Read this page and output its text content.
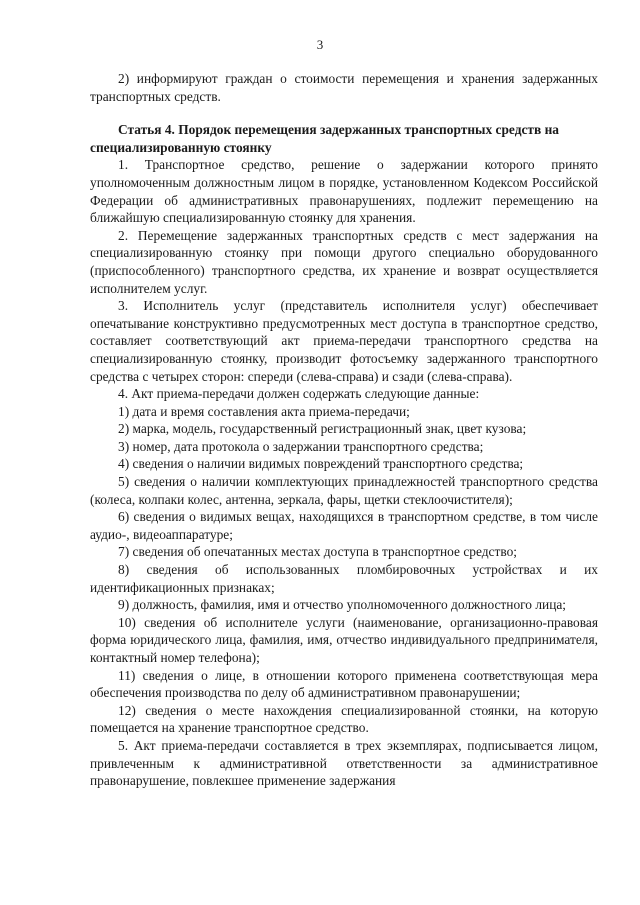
3

2) информируют граждан о стоимости перемещения и хранения задержанных транспортных средств.

Статья 4. Порядок перемещения задержанных транспортных средств на специализированную стоянку

1. Транспортное средство, решение о задержании которого принято уполномоченным должностным лицом в порядке, установленном Кодексом Российской Федерации об административных правонарушениях, подлежит перемещению на ближайшую специализированную стоянку для хранения.

2. Перемещение задержанных транспортных средств с мест задержания на специализированную стоянку при помощи другого специально оборудованного (приспособленного) транспортного средства, их хранение и возврат осуществляется исполнителем услуг.

3. Исполнитель услуг (представитель исполнителя услуг) обеспечивает опечатывание конструктивно предусмотренных мест доступа в транспортное средство, составляет соответствующий акт приема-передачи транспортного средства на специализированную стоянку, производит фотосъемку задержанного транспортного средства с четырех сторон: спереди (слева-справа) и сзади (слева-справа).

4. Акт приема-передачи должен содержать следующие данные:

1) дата и время составления акта приема-передачи;

2) марка, модель, государственный регистрационный знак, цвет кузова;

3) номер, дата протокола о задержании транспортного средства;

4) сведения о наличии видимых повреждений транспортного средства;

5) сведения о наличии комплектующих принадлежностей транспортного средства (колеса, колпаки колес, антенна, зеркала, фары, щетки стеклоочистителя);

6) сведения о видимых вещах, находящихся в транспортном средстве, в том числе аудио-, видеоаппаратуре;

7) сведения об опечатанных местах доступа в транспортное средство;

8) сведения об использованных пломбировочных устройствах и их идентификационных признаках;

9) должность, фамилия, имя и отчество уполномоченного должностного лица;

10) сведения об исполнителе услуги (наименование, организационно-правовая форма юридического лица, фамилия, имя, отчество индивидуального предпринимателя, контактный номер телефона);

11) сведения о лице, в отношении которого применена соответствующая мера обеспечения производства по делу об административном правонарушении;

12) сведения о месте нахождения специализированной стоянки, на которую помещается на хранение транспортное средство.

5. Акт приема-передачи составляется в трех экземплярах, подписывается лицом, привлеченным к административной ответственности за административное правонарушение, повлекшее применение задержания
